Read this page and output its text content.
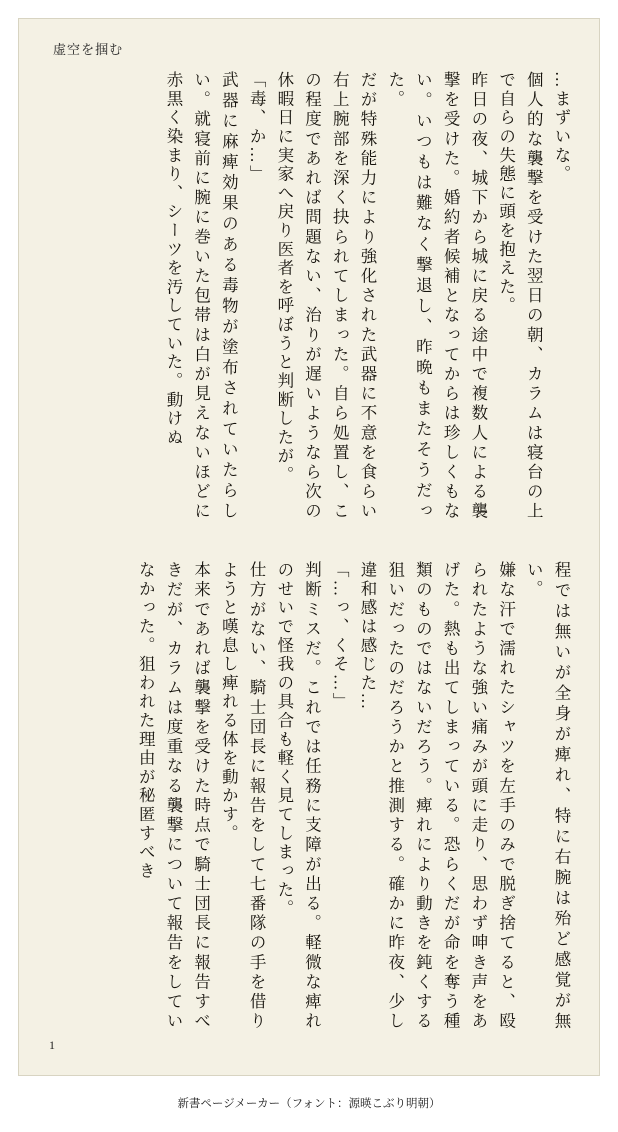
虚空を掴む
…まずいな。
個人的な襲撃を受けた翌日の朝、カラムは寝台の上で自らの失態に頭を抱えた。
昨日の夜、城下から城に戻る途中で複数人による襲撃を受けた。婚約者候補となってからは珍しくもない。いつもは難なく撃退し、昨晩もまたそうだった。
だが特殊能力により強化された武器に不意を食らい右上腕部を深く抉られてしまった。自ら処置し、この程度であれば問題ない、治りが遅いようなら次の休暇日に実家へ戻り医者を呼ぼうと判断したが。
「毒、か…」
武器に麻痺効果のある毒物が塗布されていたらしい。就寝前に腕に巻いた包帯は白が見えないほどに赤黒く染まり、シーツを汚していた。動けぬ
程では無いが全身が痺れ、特に右腕は殆ど感覚が無い。
嫌な汗で濡れたシャツを左手のみで脱ぎ捨てると、殴られたような強い痛みが頭に走り、思わず呻き声をあげた。熱も出てしまっている。恐らくだが命を奪う種類のものではないだろう。痺れにより動きを鈍くする狙いだったのだろうかと推測する。確かに昨夜、少し違和感は感じた…
「…っ、くそ…」
判断ミスだ。これでは任務に支障が出る。軽微な痺れのせいで怪我の具合も軽く見てしまった。
仕方がない、騎士団長に報告をして七番隊の手を借りようと嘆息し痺れる体を動かす。
本来であれば襲撃を受けた時点で騎士団長に報告すべきだが、カラムは度重なる襲撃について報告をしていなかった。狙われた理由が秘匿すべき
1
新書ページメーカー（フォント：源暎こぶり明朝）
